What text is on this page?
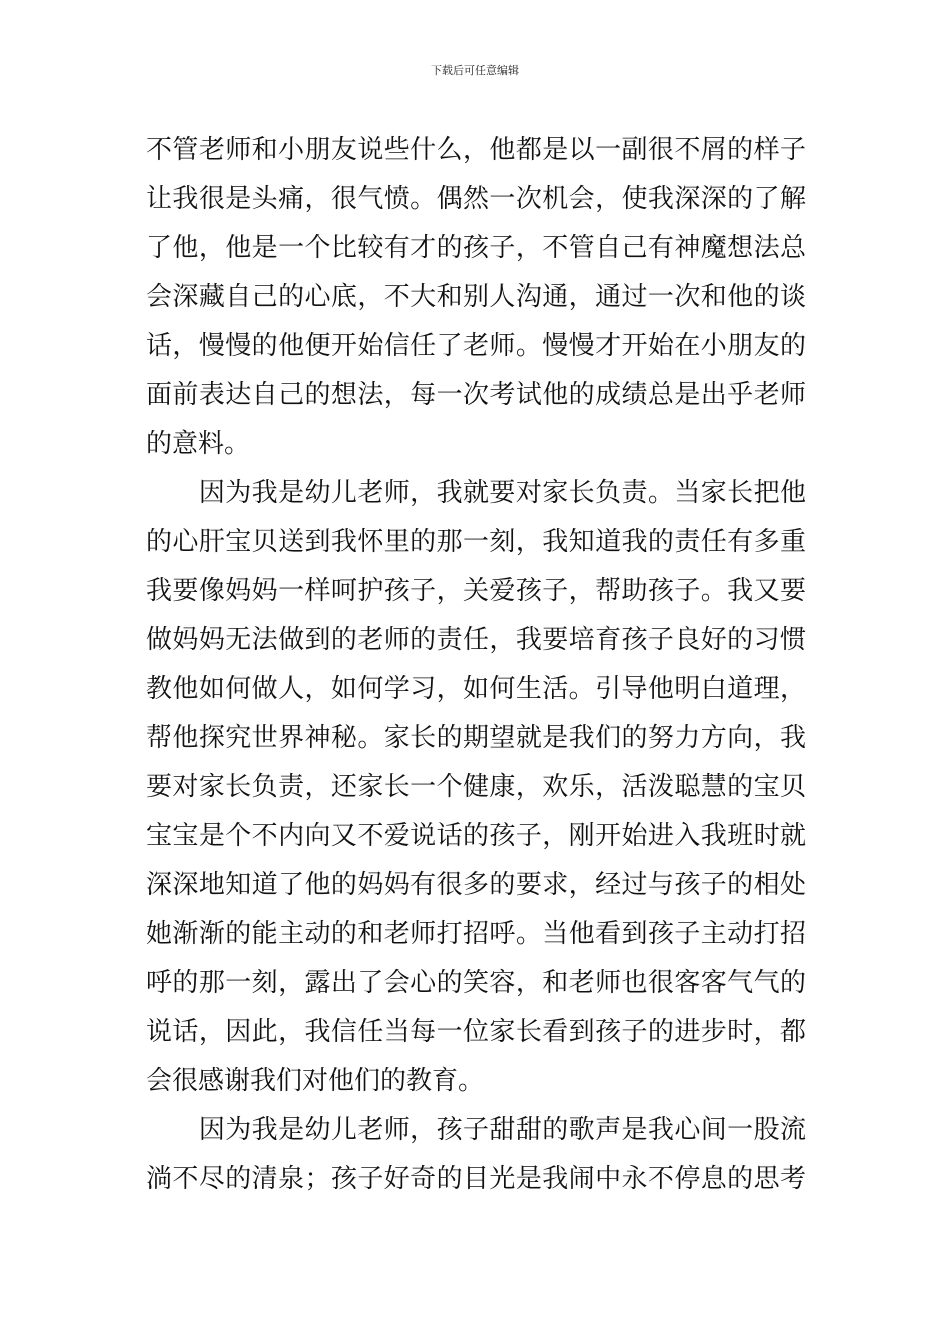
下载后可任意编辑
不管老师和小朋友说些什么，他都是以一副很不屑的样子
让我很是头痛，很气愤。偶然一次机会，使我深深的了解
了他，他是一个比较有才的孩子，不管自己有神魔想法总
会深藏自己的心底，不大和别人沟通，通过一次和他的谈
话，慢慢的他便开始信任了老师。慢慢才开始在小朋友的
面前表达自己的想法，每一次考试他的成绩总是出乎老师
的意料。
　　因为我是幼儿老师，我就要对家长负责。当家长把他
的心肝宝贝送到我怀里的那一刻，我知道我的责任有多重
我要像妈妈一样呵护孩子，关爱孩子，帮助孩子。我又要
做妈妈无法做到的老师的责任，我要培育孩子良好的习惯
教他如何做人，如何学习，如何生活。引导他明白道理，
帮他探究世界神秘。家长的期望就是我们的努力方向，我
要对家长负责，还家长一个健康，欢乐，活泼聪慧的宝贝
宝宝是个不内向又不爱说话的孩子，刚开始进入我班时就
深深地知道了他的妈妈有很多的要求，经过与孩子的相处
她渐渐的能主动的和老师打招呼。当他看到孩子主动打招
呼的那一刻，露出了会心的笑容，和老师也很客客气气的
说话，因此，我信任当每一位家长看到孩子的进步时，都
会很感谢我们对他们的教育。
　　因为我是幼儿老师，孩子甜甜的歌声是我心间一股流
淌不尽的清泉；孩子好奇的目光是我闹中永不停息的思考
